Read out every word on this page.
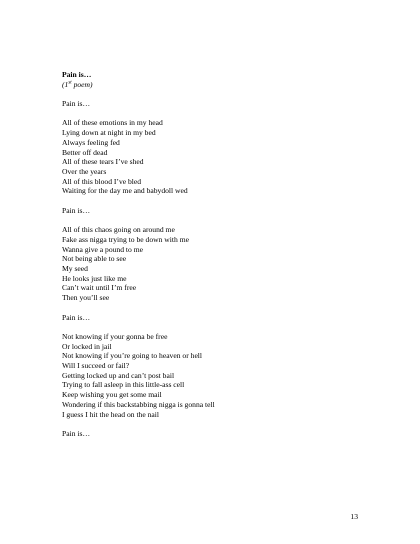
Pain is…

(1st poem)

Pain is…

All of these emotions in my head

Lying down at night in my bed

Always feeling fed

Better off dead

All of these tears I’ve shed

Over the years

All of this blood I’ve bled

Waiting for the day me and babydoll wed

Pain is…

All of this chaos going on around me

Fake ass nigga trying to be down with me

Wanna give a pound to me

Not being able to see

My seed

He looks just like me

Can’t wait until I’m free

Then you’ll see

Pain is…

Not knowing if your gonna be free

Or locked in jail

Not knowing if you’re going to heaven or hell

Will I succeed or fail?

Getting locked up and can’t post bail

Trying to fall asleep in this little-ass cell

Keep wishing you get some mail

Wondering if this backstabbing nigga is gonna tell

I guess I hit the head on the nail

Pain is…

13
